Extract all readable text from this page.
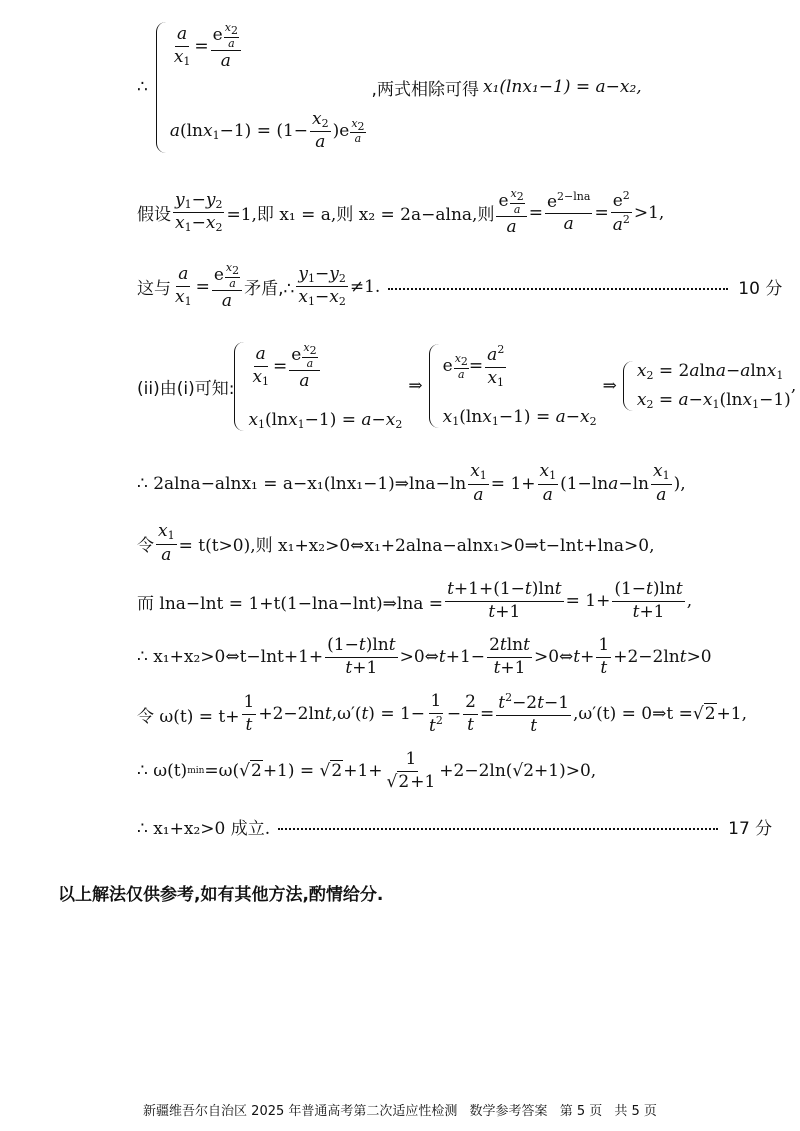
∴
$\frac{a}{x_1} = \frac{e \frac{x_2}{a}}{a}$
$a(\ln x_1-1) = (1- \frac{x_2}{a} )e \frac{x_2}{a}$
,两式相除可得 x₁(lnx₁−1) = a−x₂,
假设 $\frac{y_1-y_2}{x_1-x_2} =1$,即 x₁ = a,则 x₂ = 2a−alna,则
e $\frac{x_2}{a}$
a
=
$e^{2-lna}$
a
=
$e^2$
$a^2 >1$,
这与
a
$x_1$
=
e $\frac{x_2}{a}$
a
矛盾,∴
$y_1-y_2$
$x_1-x_2$
≠1.	10 分
(ii)由(i)可知:
$\frac{a}{x_1} = \frac{e \frac{x_2}{a}}{a}$
$x_1(\ln x_1-1) = a-x_2$
⇒
e $\frac{x_2}{a} = \frac{a^2}{x_1}$
$x_1(\ln x_1-1) = a-x_2$
⇒
$x_2 = 2alna-alnx_1$
$x_2 = a-x_1(\ln x_1-1)$
,
∴ 2alna−alnx₁ = a−x₁(lnx₁−1)⇒lna−ln
$x_1$
a
= 1+
$x_1$
a
(1−ln a −ln
$x_1$
a
),
令 $\frac{x_1}{a} = t(t>0)$,则 x₁+x₂>0⇔x₁+2alna−alnx₁>0⇒t−lnt+lna>0,
而 lna−lnt = 1+t(1−lna−lnt)⇒lna = $\frac{t+1+(1-t)\ln t}{t+1} = 1+$
(1−t)lnt
t+1
,
∴ x₁+x₂>0⇔t−lnt+1+ $\frac{(1-t)\ln t}{t+1}$ >0⇔ t +1−
2tlnt
t+1
>0⇔ t +
1
t
+2−2ln t >0
令 $\omega(t) = t+ \frac{1}{t} +2-2\ln$ t ,ω′( t ) = 1−
1
$t^2$ −
2
t
=
$t^2-2t-1$
t
,ω′(t) = 0⇒t = √2+1,
∴ ω(t) $\min =\omega(√2+1) = √2+1+ \frac{1}{√2+1} +2-2\ln(√2+1)>0$,
∴ x₁+x₂>0 成立.	17 分
以上解法仅供参考,如有其他方法,酌情给分.
新疆维吾尔自治区 2025 年普通高考第二次适应性检测 数学参考答案 第 5 页 共 5 页
